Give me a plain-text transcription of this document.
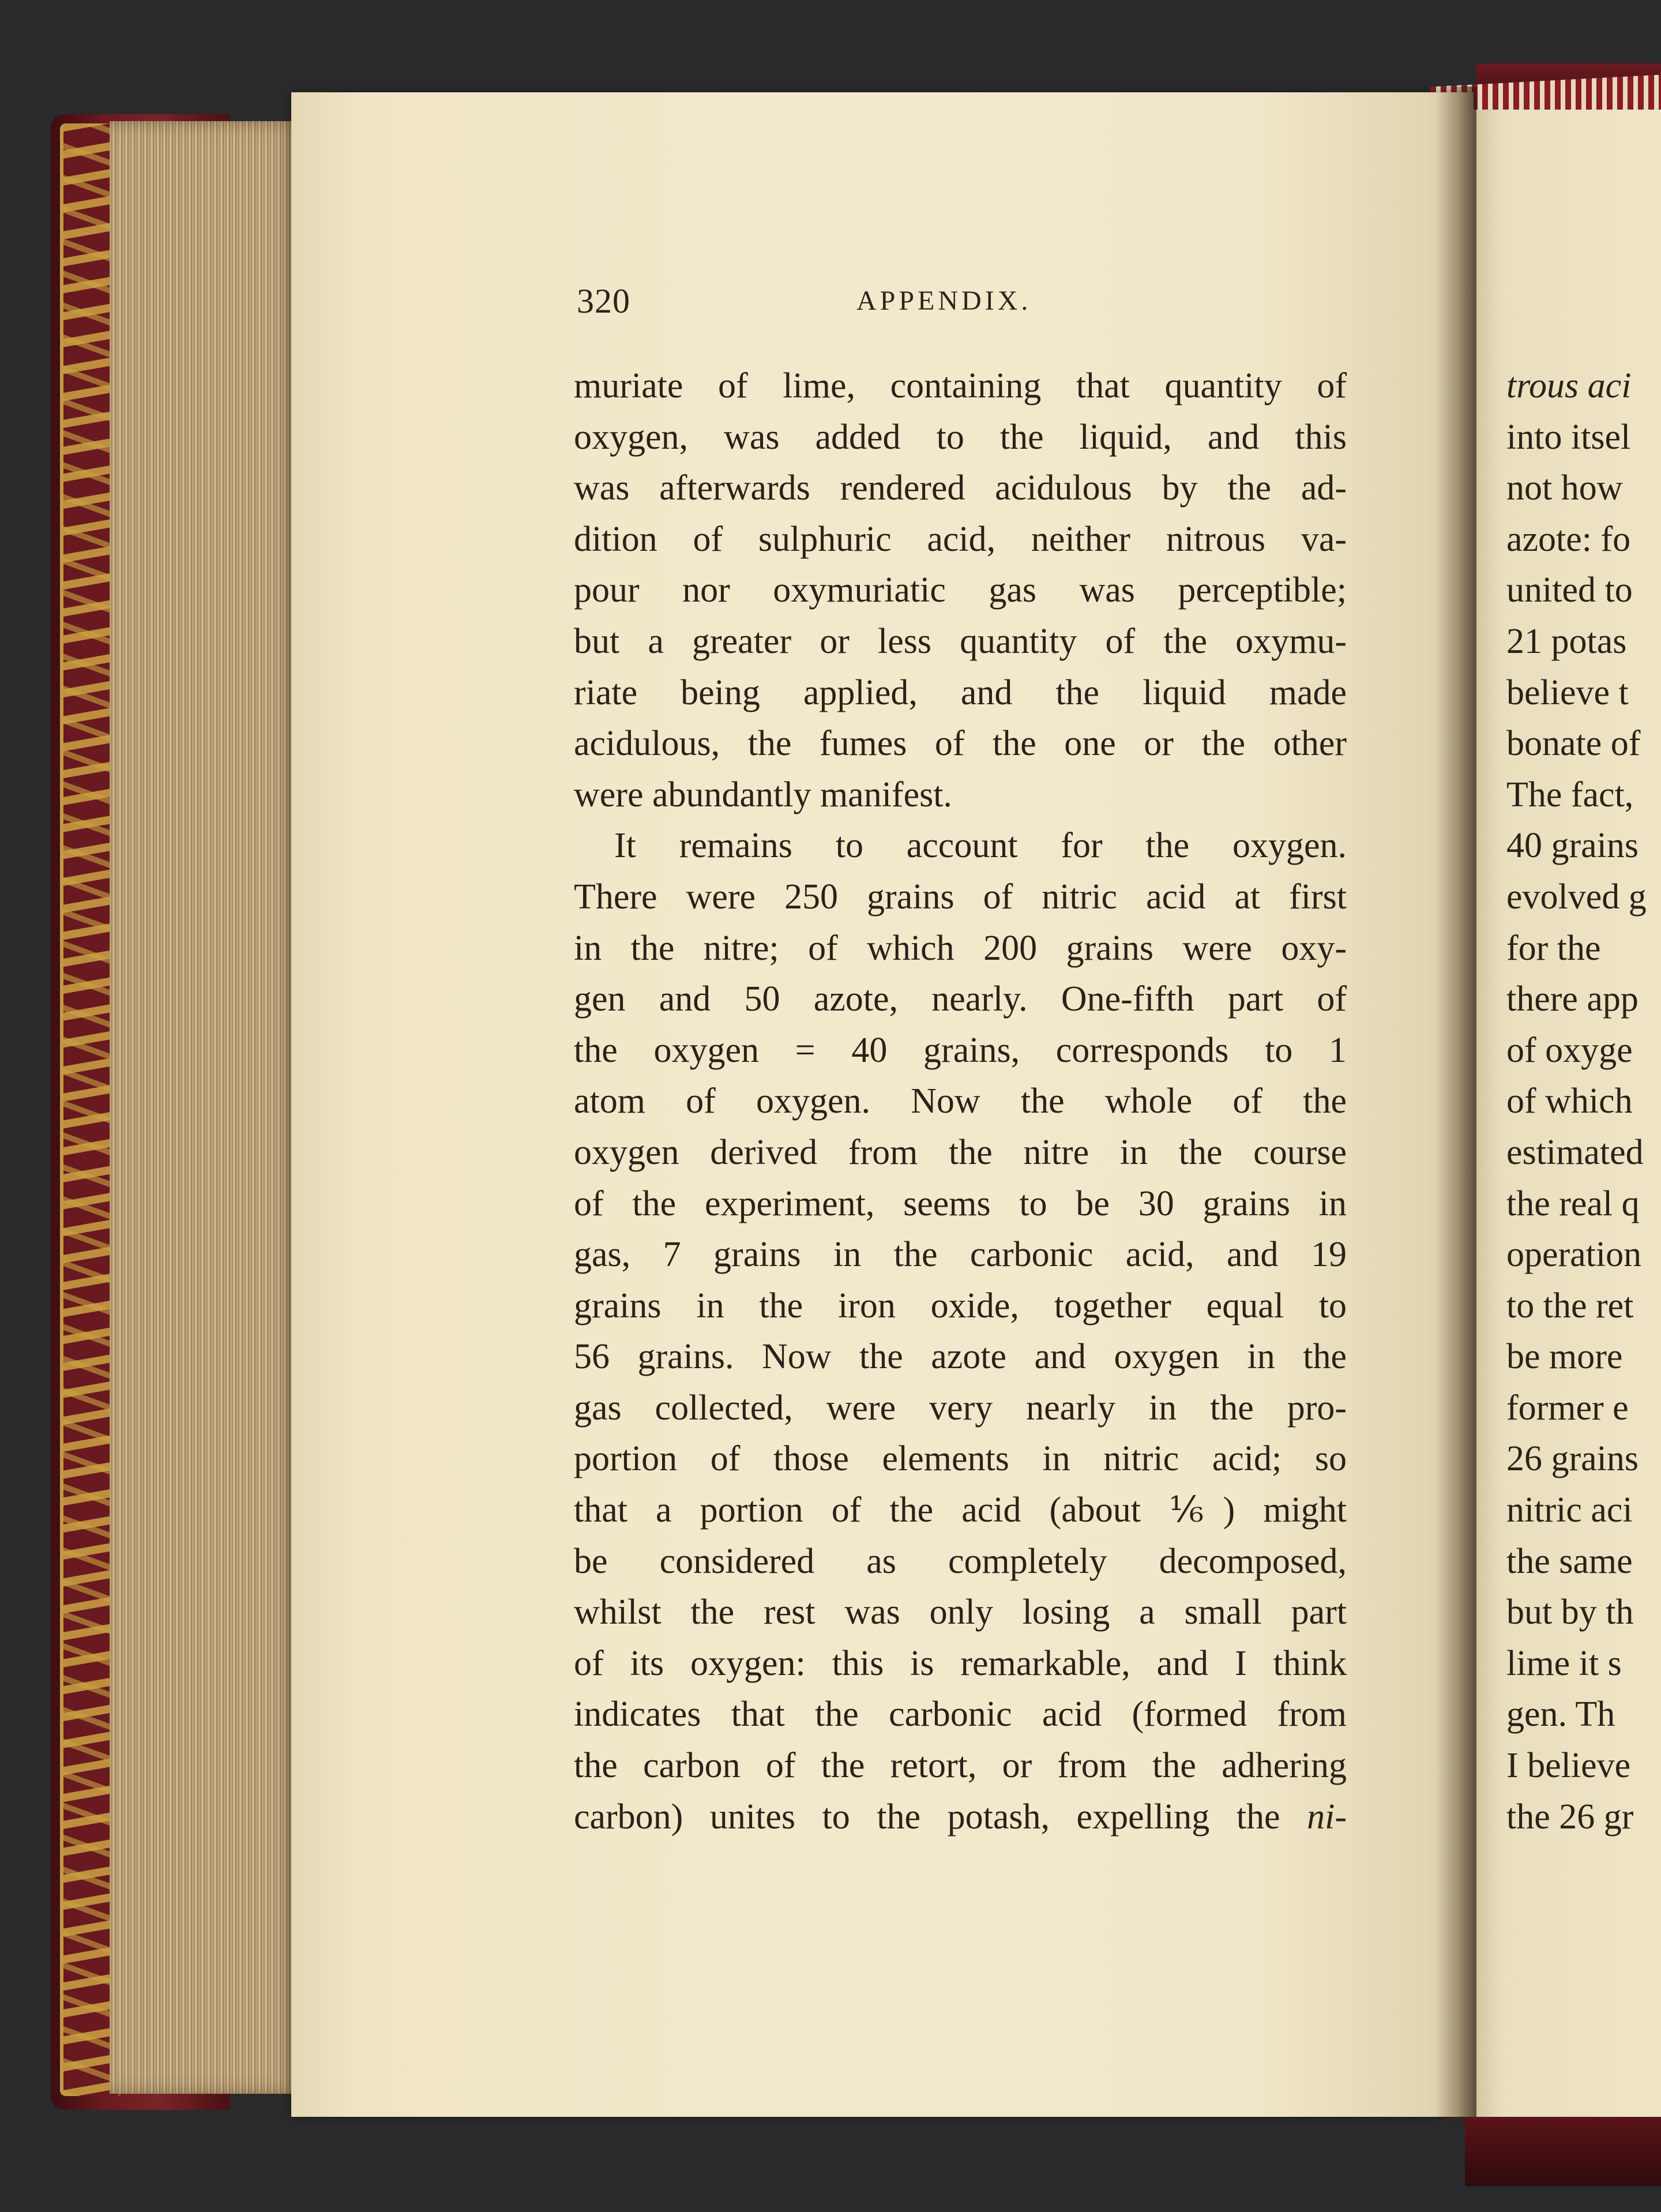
320	APPENDIX.
muriate of lime, containing that quantity of
oxygen, was added to the liquid, and this
was afterwards rendered acidulous by the ad-
dition of sulphuric acid, neither nitrous va-
pour nor oxymuriatic gas was perceptible;
but a greater or less quantity of the oxymu-
riate being applied, and the liquid made
acidulous, the fumes of the one or the other
were abundantly manifest.
It remains to account for the oxygen.
There were 250 grains of nitric acid at first
in the nitre; of which 200 grains were oxy-
gen and 50 azote, nearly. One-fifth part of
the oxygen = 40 grains, corresponds to 1
atom of oxygen. Now the whole of the
oxygen derived from the nitre in the course
of the experiment, seems to be 30 grains in
gas, 7 grains in the carbonic acid, and 19
grains in the iron oxide, together equal to
56 grains. Now the azote and oxygen in the
gas collected, were very nearly in the pro-
portion of those elements in nitric acid; so
that a portion of the acid (about ⅙) might
be considered as completely decomposed,
whilst the rest was only losing a small part
of its oxygen: this is remarkable, and I think
indicates that the carbonic acid (formed from
the carbon of the retort, or from the adhering
carbon) unites to the potash, expelling the ni-
trous aci
into itsel
not how
azote: fo
united to
21 potas
believe t
bonate of
The fact,
40 grains
evolved g
for the
there app
of oxyge
of which
estimated
the real q
operation
to the ret
be more
former e
26 grains
nitric aci
the same
but by th
lime it s
gen. Th
I believe
the 26 gr
